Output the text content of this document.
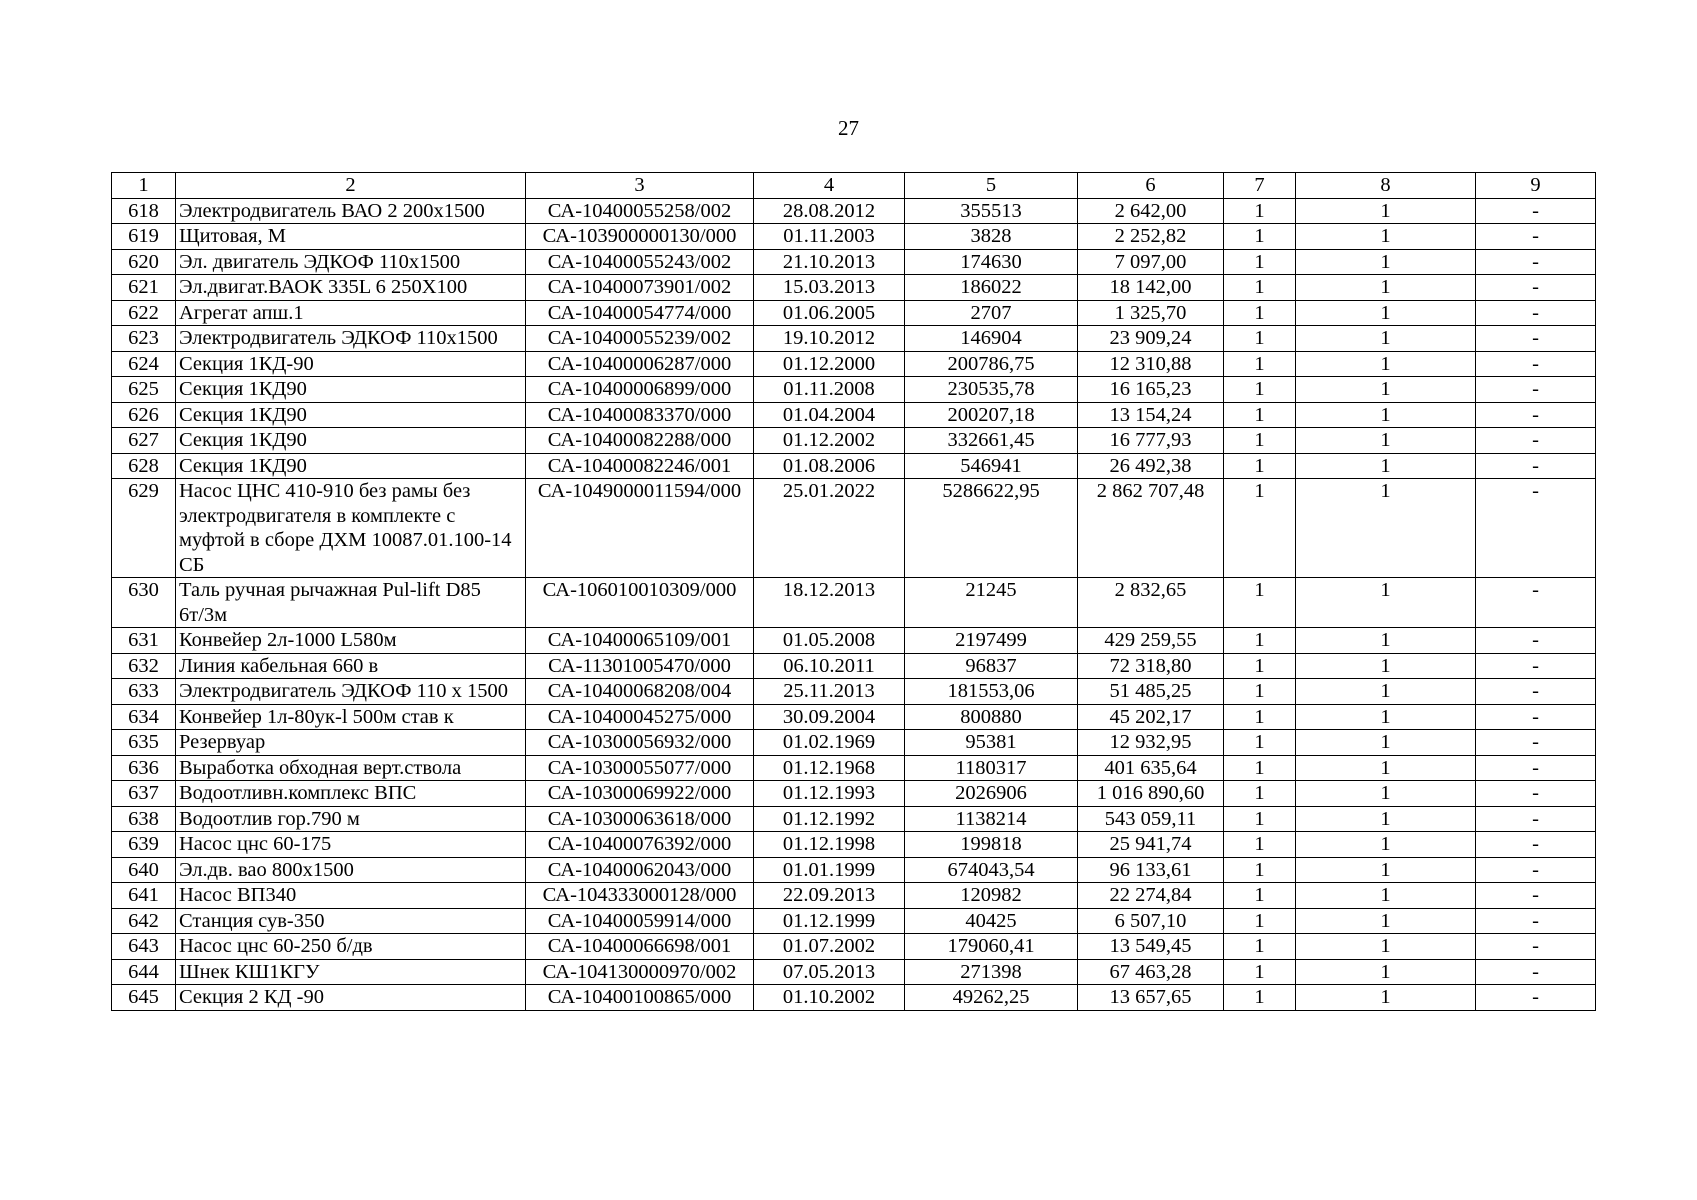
27
1	2	3	4	5	6	7	8	9
618	Электродвигатель ВАО 2 200х1500	СА-10400055258/002	28.08.2012	355513	2 642,00	1	1	-
619	Щитовая, М	СА-103900000130/000	01.11.2003	3828	2 252,82	1	1	-
620	Эл. двигатель ЭДКОФ 110х1500	СА-10400055243/002	21.10.2013	174630	7 097,00	1	1	-
621	Эл.двигат.ВАОК 335L 6 250Х100	СА-10400073901/002	15.03.2013	186022	18 142,00	1	1	-
622	Агрегат апш.1	СА-10400054774/000	01.06.2005	2707	1 325,70	1	1	-
623	Электродвигатель ЭДКОФ 110х1500	СА-10400055239/002	19.10.2012	146904	23 909,24	1	1	-
624	Секция 1КД-90	СА-10400006287/000	01.12.2000	200786,75	12 310,88	1	1	-
625	Секция 1КД90	СА-10400006899/000	01.11.2008	230535,78	16 165,23	1	1	-
626	Секция 1КД90	СА-10400083370/000	01.04.2004	200207,18	13 154,24	1	1	-
627	Секция 1КД90	СА-10400082288/000	01.12.2002	332661,45	16 777,93	1	1	-
628	Секция 1КД90	СА-10400082246/001	01.08.2006	546941	26 492,38	1	1	-
629	Насос ЦНС 410-910 без рамы без электродвигателя в комплекте с муфтой в сборе ДХМ 10087.01.100-14 СБ	СА-1049000011594/000	25.01.2022	5286622,95	2 862 707,48	1	1	-
630	Таль ручная рычажная Pul-lift D85 6т/3м	СА-106010010309/000	18.12.2013	21245	2 832,65	1	1	-
631	Конвейер 2л-1000 L580м	СА-10400065109/001	01.05.2008	2197499	429 259,55	1	1	-
632	Линия кабельная 660 в	СА-11301005470/000	06.10.2011	96837	72 318,80	1	1	-
633	Электродвигатель ЭДКОФ 110 х 1500	СА-10400068208/004	25.11.2013	181553,06	51 485,25	1	1	-
634	Конвейер 1л-80ук-l 500м став к	СА-10400045275/000	30.09.2004	800880	45 202,17	1	1	-
635	Резервуар	СА-10300056932/000	01.02.1969	95381	12 932,95	1	1	-
636	Выработка обходная верт.ствола	СА-10300055077/000	01.12.1968	1180317	401 635,64	1	1	-
637	Водоотливн.комплекс ВПС	СА-10300069922/000	01.12.1993	2026906	1 016 890,60	1	1	-
638	Водоотлив гор.790 м	СА-10300063618/000	01.12.1992	1138214	543 059,11	1	1	-
639	Насос цнс 60-175	СА-10400076392/000	01.12.1998	199818	25 941,74	1	1	-
640	Эл.дв. вао 800х1500	СА-10400062043/000	01.01.1999	674043,54	96 133,61	1	1	-
641	Насос ВП340	СА-104333000128/000	22.09.2013	120982	22 274,84	1	1	-
642	Станция сув-350	СА-10400059914/000	01.12.1999	40425	6 507,10	1	1	-
643	Насос цнс 60-250 б/дв	СА-10400066698/001	01.07.2002	179060,41	13 549,45	1	1	-
644	Шнек КШ1КГУ	СА-104130000970/002	07.05.2013	271398	67 463,28	1	1	-
645	Секция 2 КД -90	СА-10400100865/000	01.10.2002	49262,25	13 657,65	1	1	-
